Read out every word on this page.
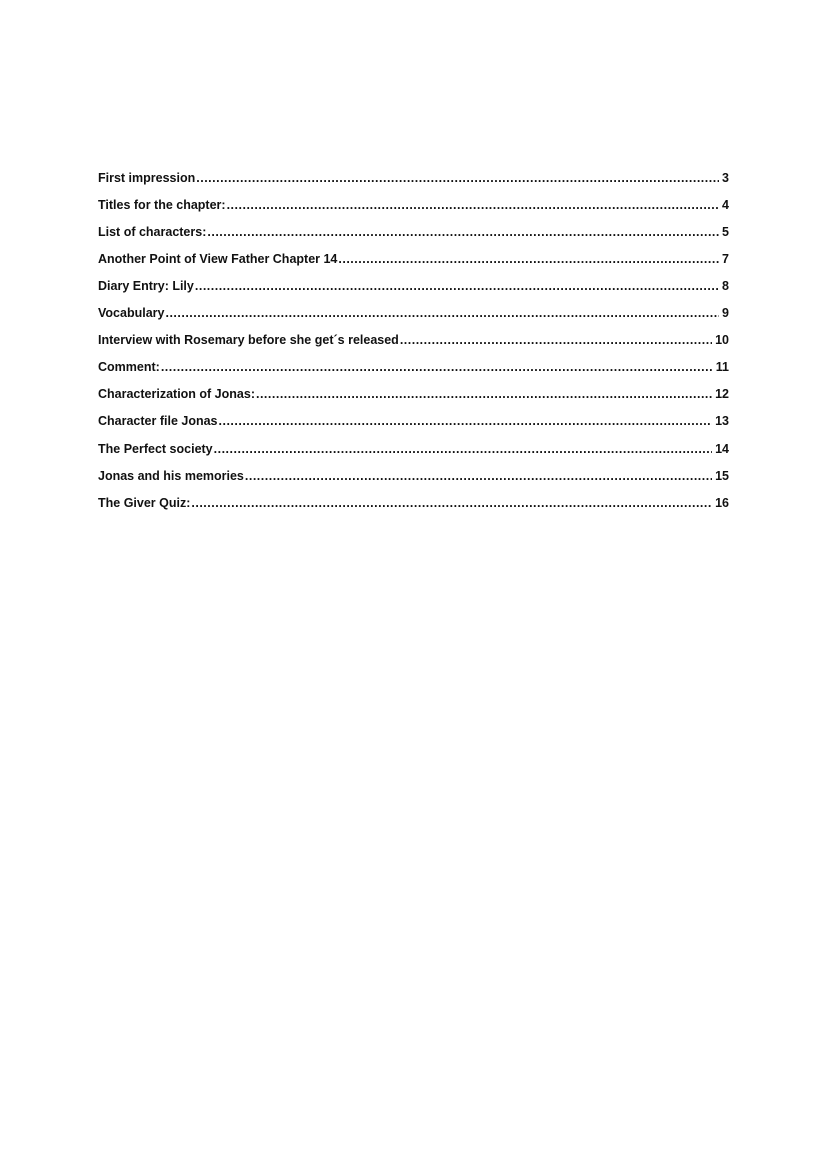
First impression .....	3
Titles for the chapter: .....	4
List of characters: .....	5
Another Point of View Father Chapter 14 .....	7
Diary Entry: Lily .....	8
Vocabulary .....	9
Interview with Rosemary before she get´s released .....	10
Comment: .....	11
Characterization of Jonas: .....	12
Character file Jonas .....	13
The Perfect society .....	14
Jonas and his memories .....	15
The Giver Quiz: .....	16
